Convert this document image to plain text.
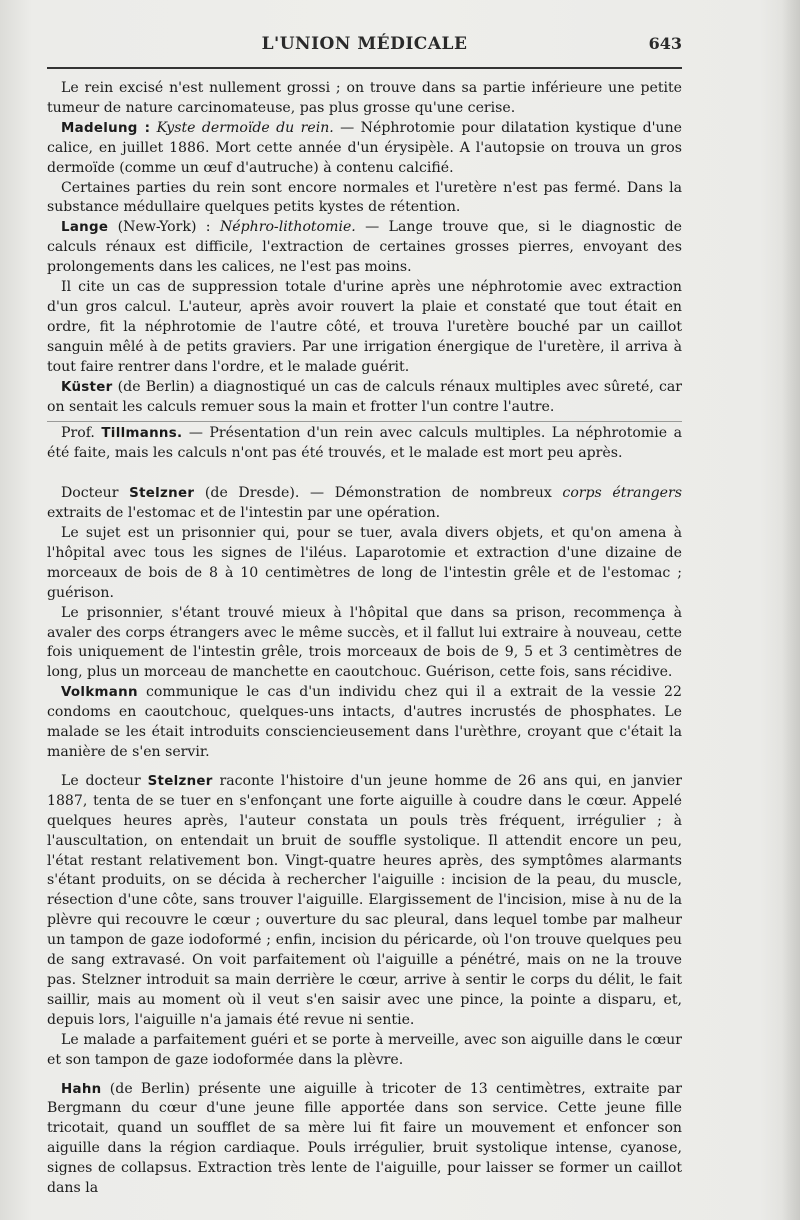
L'UNION MÉDICALE	643

Le rein excisé n'est nullement grossi ; on trouve dans sa partie inférieure une petite tumeur de nature carcinomateuse, pas plus grosse qu'une cerise.

Madelung : Kyste dermoïde du rein. — Néphrotomie pour dilatation kystique d'une calice, en juillet 1886. Mort cette année d'un érysipèle. A l'autopsie on trouva un gros dermoïde (comme un œuf d'autruche) à contenu calcifié.

Certaines parties du rein sont encore normales et l'uretère n'est pas fermé. Dans la substance médullaire quelques petits kystes de rétention.

Lange (New-York) : Néphro-lithotomie. — Lange trouve que, si le diagnostic de calculs rénaux est difficile, l'extraction de certaines grosses pierres, envoyant des prolongements dans les calices, ne l'est pas moins.

Il cite un cas de suppression totale d'urine après une néphrotomie avec extraction d'un gros calcul. L'auteur, après avoir rouvert la plaie et constaté que tout était en ordre, fit la néphrotomie de l'autre côté, et trouva l'uretère bouché par un caillot sanguin mêlé à de petits graviers. Par une irrigation énergique de l'uretère, il arriva à tout faire rentrer dans l'ordre, et le malade guérit.

Küster (de Berlin) a diagnostiqué un cas de calculs rénaux multiples avec sûreté, car on sentait les calculs remuer sous la main et frotter l'un contre l'autre.

Prof. Tillmanns. — Présentation d'un rein avec calculs multiples. La néphrotomie a été faite, mais les calculs n'ont pas été trouvés, et le malade est mort peu après.

Docteur Stelzner (de Dresde). — Démonstration de nombreux corps étrangers extraits de l'estomac et de l'intestin par une opération.

Le sujet est un prisonnier qui, pour se tuer, avala divers objets, et qu'on amena à l'hôpital avec tous les signes de l'iléus. Laparotomie et extraction d'une dizaine de morceaux de bois de 8 à 10 centimètres de long de l'intestin grêle et de l'estomac ; guérison.

Le prisonnier, s'étant trouvé mieux à l'hôpital que dans sa prison, recommença à avaler des corps étrangers avec le même succès, et il fallut lui extraire à nouveau, cette fois uniquement de l'intestin grêle, trois morceaux de bois de 9, 5 et 3 centimètres de long, plus un morceau de manchette en caoutchouc. Guérison, cette fois, sans récidive.

Volkmann communique le cas d'un individu chez qui il a extrait de la vessie 22 condoms en caoutchouc, quelques-uns intacts, d'autres incrustés de phosphates. Le malade se les était introduits consciencieusement dans l'urèthre, croyant que c'était la manière de s'en servir.

Le docteur Stelzner raconte l'histoire d'un jeune homme de 26 ans qui, en janvier 1887, tenta de se tuer en s'enfonçant une forte aiguille à coudre dans le cœur. Appelé quelques heures après, l'auteur constata un pouls très fréquent, irrégulier ; à l'auscultation, on entendait un bruit de souffle systolique. Il attendit encore un peu, l'état restant relativement bon. Vingt-quatre heures après, des symptômes alarmants s'étant produits, on se décida à rechercher l'aiguille : incision de la peau, du muscle, résection d'une côte, sans trouver l'aiguille. Elargissement de l'incision, mise à nu de la plèvre qui recouvre le cœur ; ouverture du sac pleural, dans lequel tombe par malheur un tampon de gaze iodoformé ; enfin, incision du péricarde, où l'on trouve quelques peu de sang extravasé. On voit parfaitement où l'aiguille a pénétré, mais on ne la trouve pas. Stelzner introduit sa main derrière le cœur, arrive à sentir le corps du délit, le fait saillir, mais au moment où il veut s'en saisir avec une pince, la pointe a disparu, et, depuis lors, l'aiguille n'a jamais été revue ni sentie.

Le malade a parfaitement guéri et se porte à merveille, avec son aiguille dans le cœur et son tampon de gaze iodoformée dans la plèvre.

Hahn (de Berlin) présente une aiguille à tricoter de 13 centimètres, extraite par Bergmann du cœur d'une jeune fille apportée dans son service. Cette jeune fille tricotait, quand un soufflet de sa mère lui fit faire un mouvement et enfoncer son aiguille dans la région cardiaque. Pouls irrégulier, bruit systolique intense, cyanose, signes de collapsus. Extraction très lente de l'aiguille, pour laisser se former un caillot dans la
